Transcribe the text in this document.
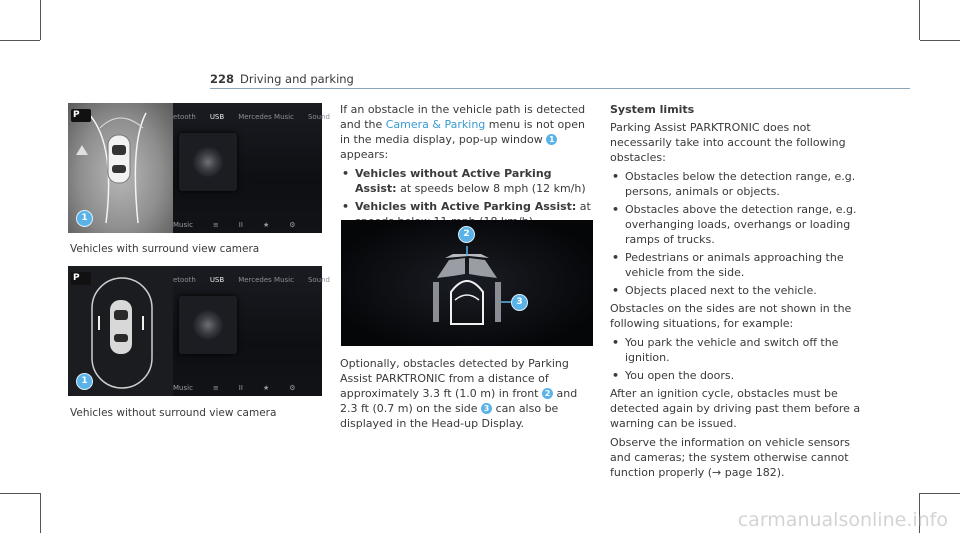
228 Driving and parking
P	etooth USB Mercedes Music Sound
Music	≡	II	★	⚙
1
Vehicles with surround view camera
P	etooth USB Mercedes Music Sound
Music	≡	II	★	⚙
1
Vehicles without surround view camera

If an obstacle in the vehicle path is detected and the Camera & Parking menu is not open in the media display, pop-up window 1 appears:

• Vehicles without Active Parking Assist: at speeds below 8 mph (12 km/h)
• Vehicles with Active Parking Assist: at
2
3

Optionally, obstacles detected by Parking Assist PARKTRONIC from a distance of approximately 3.3 ft (1.0 m) in front 2 and 2.3 ft (0.7 m) on the side 3 can also be displayed in the Head-up Display.

System limits

Parking Assist PARKTRONIC does not necessarily take into account the following obstacles:

• Obstacles below the detection range, e.g. persons, animals or objects.
• Obstacles above the detection range, e.g. overhanging loads, overhangs or loading ramps of trucks.
• Pedestrians or animals approaching the vehicle from the side.
• Objects placed next to the vehicle.

Obstacles on the sides are not shown in the following situations, for example:

• You park the vehicle and switch off the ignition.
• You open the doors.

After an ignition cycle, obstacles must be detected again by driving past them before a warning can be issued.

Observe the information on vehicle sensors and cameras; the system otherwise cannot function properly (→ page 182).

carmanualsonline.info
